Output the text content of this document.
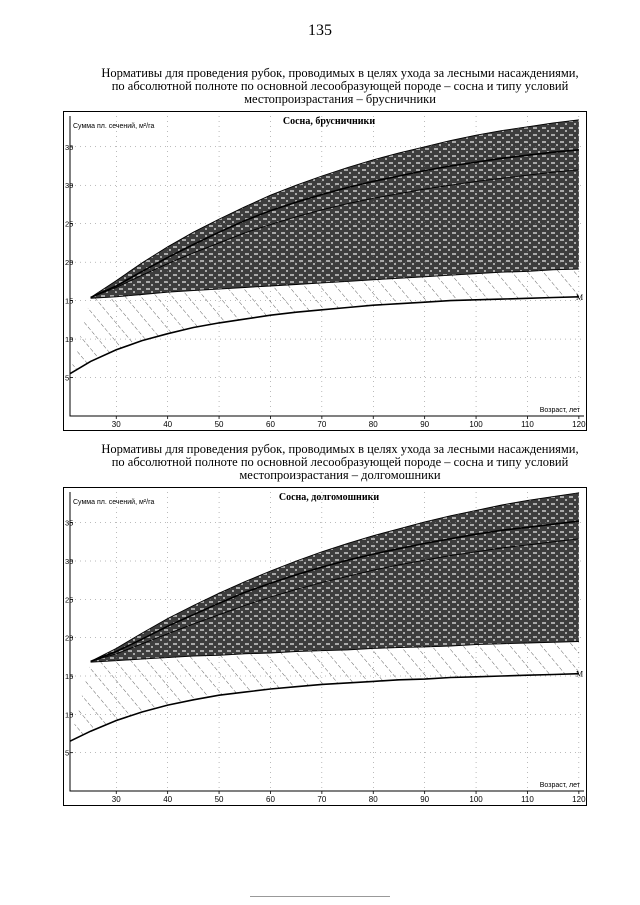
135
Нормативы для проведения рубок, проводимых в целях ухода за лесными насаждениями,
по абсолютной полноте по основной лесообразующей породе – сосна и типу условий
местопроизрастания – брусничники
30	40	50	60	70	80	90	100	110	120
5
10
15
20
25
30
35
М
Сосна, брусничники
Сумма пл. сечений, м²/га
Возраст, лет
Нормативы для проведения рубок, проводимых в целях ухода за лесными насаждениями,
по абсолютной полноте по основной лесообразующей породе – сосна и типу условий
местопроизрастания – долгомошники
30	40	50	60	70	80	90	100	110	120
5
10
15
20
25
30
35
М
Сосна, долгомошники
Сумма пл. сечений, м²/га
Возраст, лет
